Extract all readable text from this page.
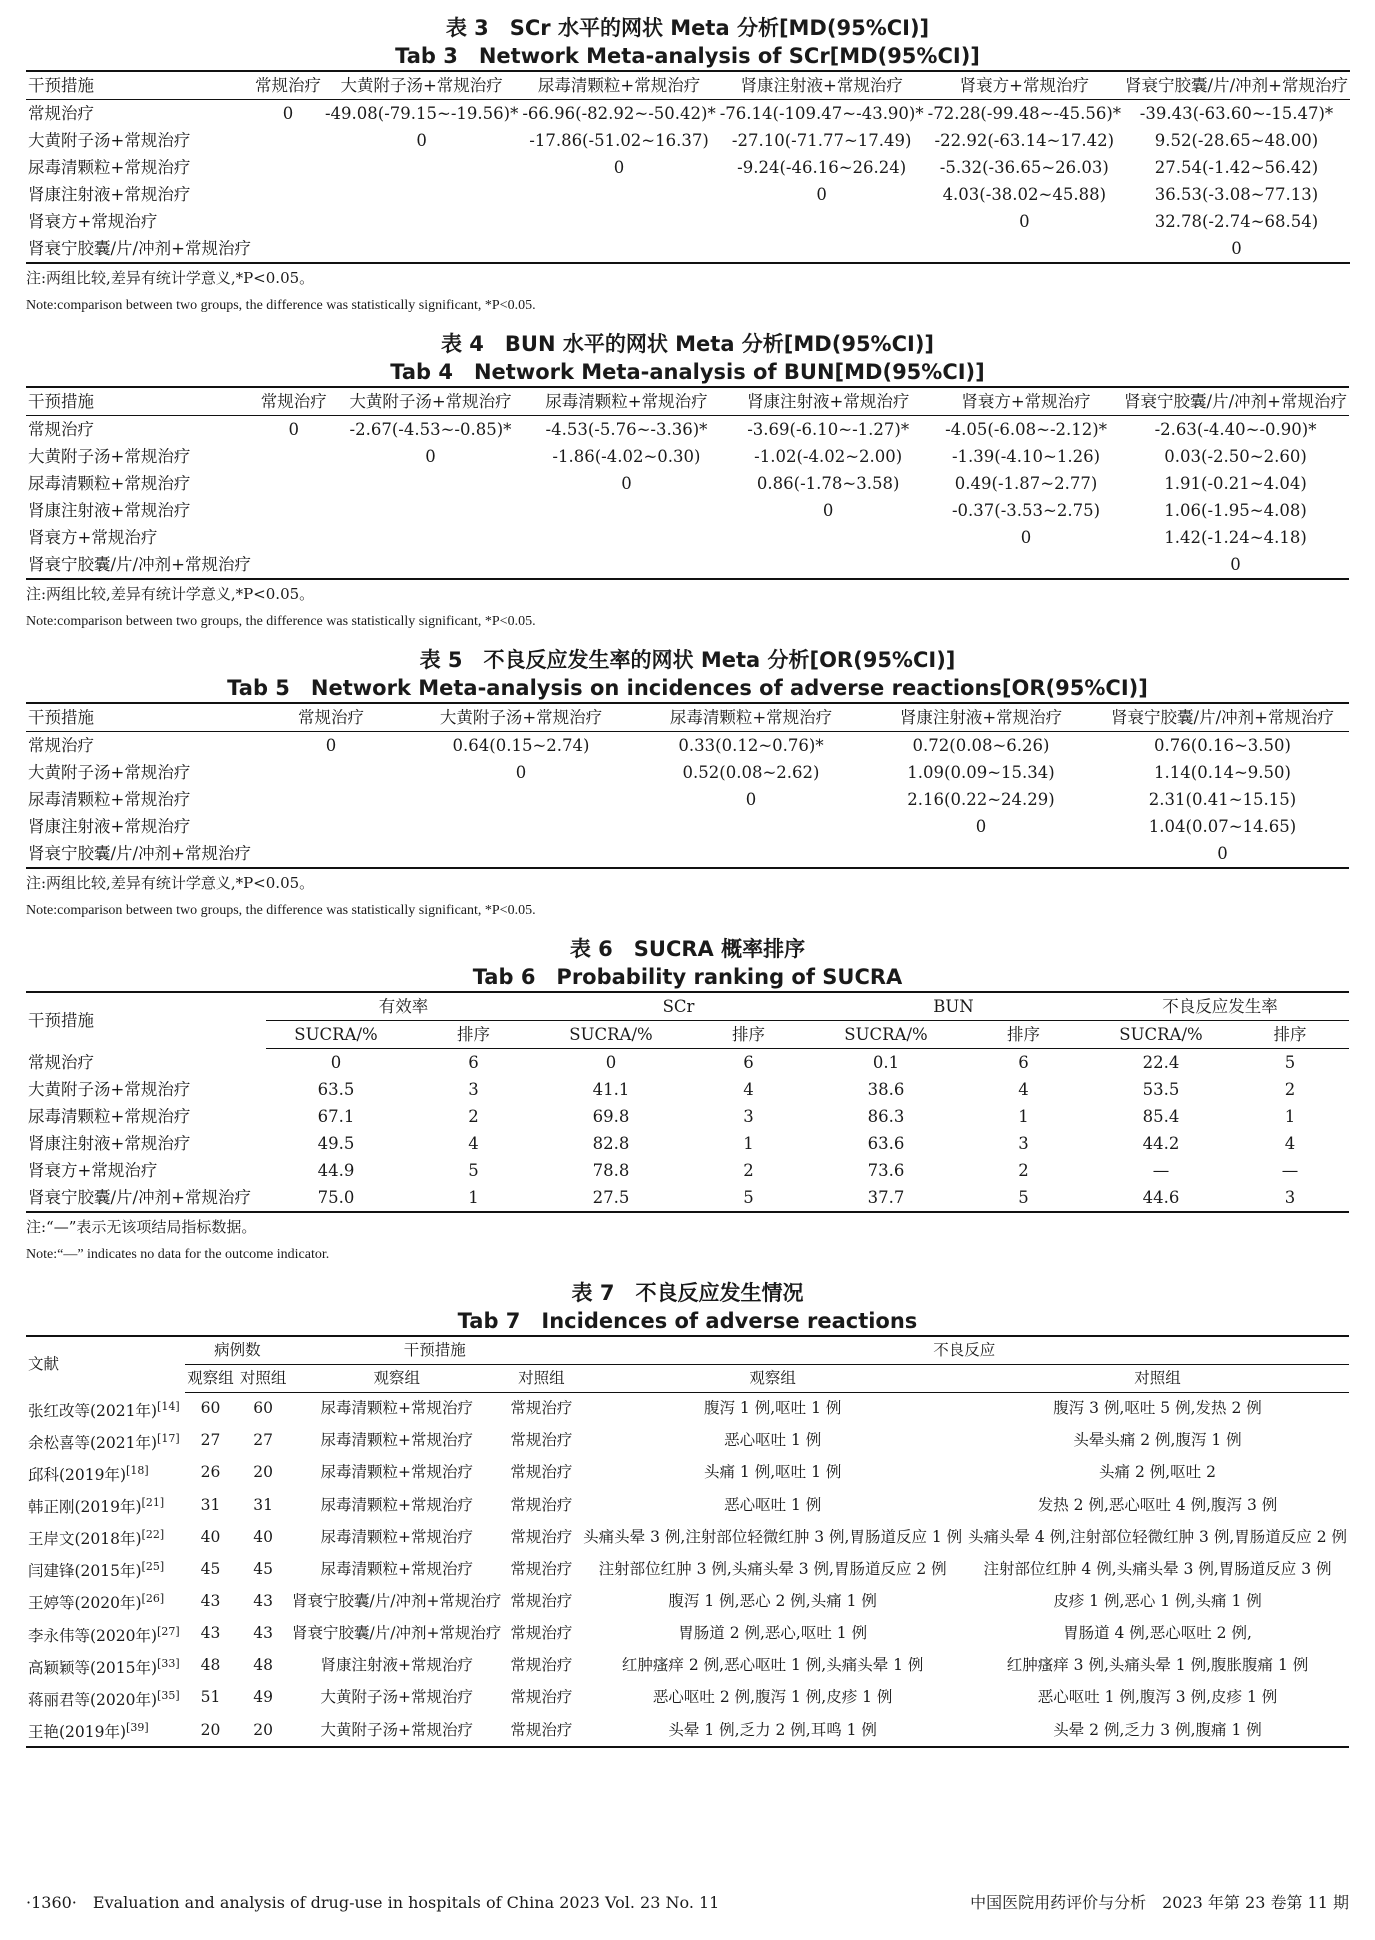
表 3　SCr 水平的网状 Meta 分析[MD(95%CI)]
Tab 3　Network Meta-analysis of SCr[MD(95%CI)]
干预措施	常规治疗	大黄附子汤+常规治疗	尿毒清颗粒+常规治疗	肾康注射液+常规治疗	肾衰方+常规治疗	肾衰宁胶囊/片/冲剂+常规治疗
常规治疗	0	-49.08(-79.15~-19.56)*	-66.96(-82.92~-50.42)*	-76.14(-109.47~-43.90)*	-72.28(-99.48~-45.56)*	-39.43(-63.60~-15.47)*
大黄附子汤+常规治疗		0	-17.86(-51.02~16.37)	-27.10(-71.77~17.49)	-22.92(-63.14~17.42)	9.52(-28.65~48.00)
尿毒清颗粒+常规治疗			0	-9.24(-46.16~26.24)	-5.32(-36.65~26.03)	27.54(-1.42~56.42)
肾康注射液+常规治疗				0	4.03(-38.02~45.88)	36.53(-3.08~77.13)
肾衰方+常规治疗					0	32.78(-2.74~68.54)
肾衰宁胶囊/片/冲剂+常规治疗						0
注:两组比较,差异有统计学意义,*P<0.05。
Note:comparison between two groups, the difference was statistically significant, *P<0.05.
表 4　BUN 水平的网状 Meta 分析[MD(95%CI)]
Tab 4　Network Meta-analysis of BUN[MD(95%CI)]
干预措施	常规治疗	大黄附子汤+常规治疗	尿毒清颗粒+常规治疗	肾康注射液+常规治疗	肾衰方+常规治疗	肾衰宁胶囊/片/冲剂+常规治疗
常规治疗	0	-2.67(-4.53~-0.85)*	-4.53(-5.76~-3.36)*	-3.69(-6.10~-1.27)*	-4.05(-6.08~-2.12)*	-2.63(-4.40~-0.90)*
大黄附子汤+常规治疗		0	-1.86(-4.02~0.30)	-1.02(-4.02~2.00)	-1.39(-4.10~1.26)	0.03(-2.50~2.60)
尿毒清颗粒+常规治疗			0	0.86(-1.78~3.58)	0.49(-1.87~2.77)	1.91(-0.21~4.04)
肾康注射液+常规治疗				0	-0.37(-3.53~2.75)	1.06(-1.95~4.08)
肾衰方+常规治疗					0	1.42(-1.24~4.18)
肾衰宁胶囊/片/冲剂+常规治疗						0
注:两组比较,差异有统计学意义,*P<0.05。
Note:comparison between two groups, the difference was statistically significant, *P<0.05.
表 5　不良反应发生率的网状 Meta 分析[OR(95%CI)]
Tab 5　Network Meta-analysis on incidences of adverse reactions[OR(95%CI)]
干预措施	常规治疗	大黄附子汤+常规治疗	尿毒清颗粒+常规治疗	肾康注射液+常规治疗	肾衰宁胶囊/片/冲剂+常规治疗
常规治疗	0	0.64(0.15~2.74)	0.33(0.12~0.76)*	0.72(0.08~6.26)	0.76(0.16~3.50)
大黄附子汤+常规治疗		0	0.52(0.08~2.62)	1.09(0.09~15.34)	1.14(0.14~9.50)
尿毒清颗粒+常规治疗			0	2.16(0.22~24.29)	2.31(0.41~15.15)
肾康注射液+常规治疗				0	1.04(0.07~14.65)
肾衰宁胶囊/片/冲剂+常规治疗					0
注:两组比较,差异有统计学意义,*P<0.05。
Note:comparison between two groups, the difference was statistically significant, *P<0.05.
表 6　SUCRA 概率排序
Tab 6　Probability ranking of SUCRA
干预措施	有效率		SCr		BUN		不良反应发生率	
	SUCRA/%	排序	SUCRA/%	排序	SUCRA/%	排序	SUCRA/%	排序
常规治疗	0	6	0	6	0.1	6	22.4	5
大黄附子汤+常规治疗	63.5	3	41.1	4	38.6	4	53.5	2
尿毒清颗粒+常规治疗	67.1	2	69.8	3	86.3	1	85.4	1
肾康注射液+常规治疗	49.5	4	82.8	1	63.6	3	44.2	4
肾衰方+常规治疗	44.9	5	78.8	2	73.6	2	—	—
肾衰宁胶囊/片/冲剂+常规治疗	75.0	1	27.5	5	37.7	5	44.6	3
注:“—”表示无该项结局指标数据。
Note:“—” indicates no data for the outcome indicator.
表 7　不良反应发生情况
Tab 7　Incidences of adverse reactions
文献	病例数		干预措施		不良反应	
	观察组	对照组	观察组	对照组	观察组	对照组
张红改等(2021年)[14]	60	60	尿毒清颗粒+常规治疗	常规治疗	腹泻 1 例,呕吐 1 例	腹泻 3 例,呕吐 5 例,发热 2 例
余松喜等(2021年)[17]	27	27	尿毒清颗粒+常规治疗	常规治疗	恶心呕吐 1 例	头晕头痛 2 例,腹泻 1 例
邱科(2019年)[18]	26	20	尿毒清颗粒+常规治疗	常规治疗	头痛 1 例,呕吐 1 例	头痛 2 例,呕吐 2
韩正刚(2019年)[21]	31	31	尿毒清颗粒+常规治疗	常规治疗	恶心呕吐 1 例	发热 2 例,恶心呕吐 4 例,腹泻 3 例
王岸文(2018年)[22]	40	40	尿毒清颗粒+常规治疗	常规治疗	头痛头晕 3 例,注射部位轻微红肿 3 例,胃肠道反应 1 例	头痛头晕 4 例,注射部位轻微红肿 3 例,胃肠道反应 2 例
闫建锋(2015年)[25]	45	45	尿毒清颗粒+常规治疗	常规治疗	注射部位红肿 3 例,头痛头晕 3 例,胃肠道反应 2 例	注射部位红肿 4 例,头痛头晕 3 例,胃肠道反应 3 例
王婷等(2020年)[26]	43	43	肾衰宁胶囊/片/冲剂+常规治疗	常规治疗	腹泻 1 例,恶心 2 例,头痛 1 例	皮疹 1 例,恶心 1 例,头痛 1 例
李永伟等(2020年)[27]	43	43	肾衰宁胶囊/片/冲剂+常规治疗	常规治疗	胃肠道 2 例,恶心,呕吐 1 例	胃肠道 4 例,恶心呕吐 2 例,
高颖颖等(2015年)[33]	48	48	肾康注射液+常规治疗	常规治疗	红肿瘙痒 2 例,恶心呕吐 1 例,头痛头晕 1 例	红肿瘙痒 3 例,头痛头晕 1 例,腹胀腹痛 1 例
蒋丽君等(2020年)[35]	51	49	大黄附子汤+常规治疗	常规治疗	恶心呕吐 2 例,腹泻 1 例,皮疹 1 例	恶心呕吐 1 例,腹泻 3 例,皮疹 1 例
王艳(2019年)[39]	20	20	大黄附子汤+常规治疗	常规治疗	头晕 1 例,乏力 2 例,耳鸣 1 例	头晕 2 例,乏力 3 例,腹痛 1 例
·1360·　Evaluation and analysis of drug-use in hospitals of China 2023 Vol. 23 No. 11	中国医院用药评价与分析　2023 年第 23 卷第 11 期
